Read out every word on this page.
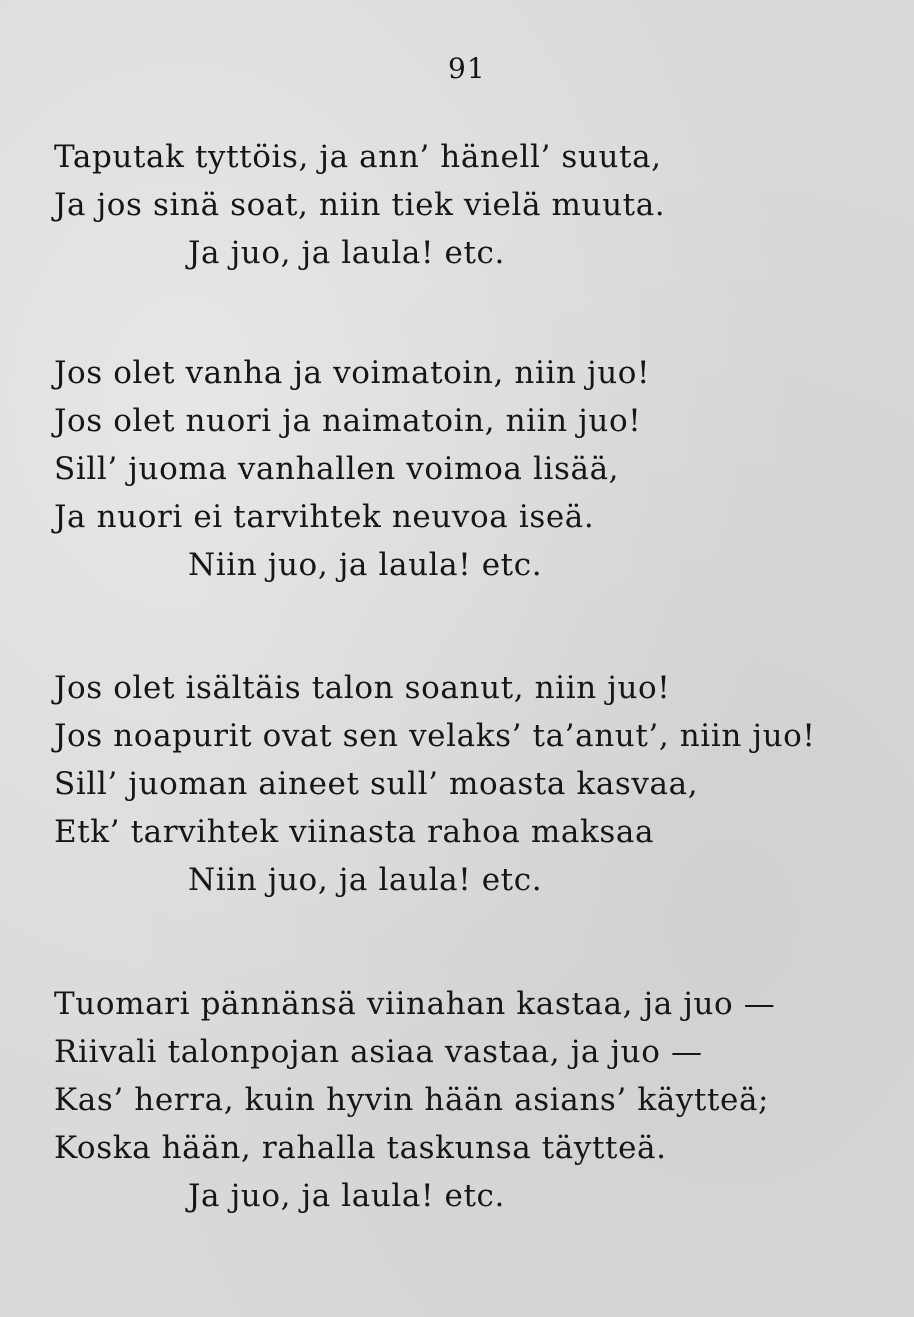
91
Taputak tyttöis, ja ann’ hänell’ suuta,
Ja jos sinä soat, niin tiek vielä muuta.
Ja juo, ja laula! etc.
Jos olet vanha ja voimatoin, niin juo!
Jos olet nuori ja naimatoin, niin juo!
Sill’ juoma vanhallen voimoa lisää,
Ja nuori ei tarvihtek neuvoa iseä.
Niin juo, ja laula! etc.
Jos olet isältäis talon soanut, niin juo!
Jos noapurit ovat sen velaks’ ta’anut’, niin juo!
Sill’ juoman aineet sull’ moasta kasvaa,
Etk’ tarvihtek viinasta rahoa maksaa
Niin juo, ja laula! etc.
Tuomari pännänsä viinahan kastaa, ja juo —
Riivali talonpojan asiaa vastaa, ja juo —
Kas’ herra, kuin hyvin hään asians’ käytteä;
Koska hään, rahalla taskunsa täytteä.
Ja juo, ja laula! etc.
